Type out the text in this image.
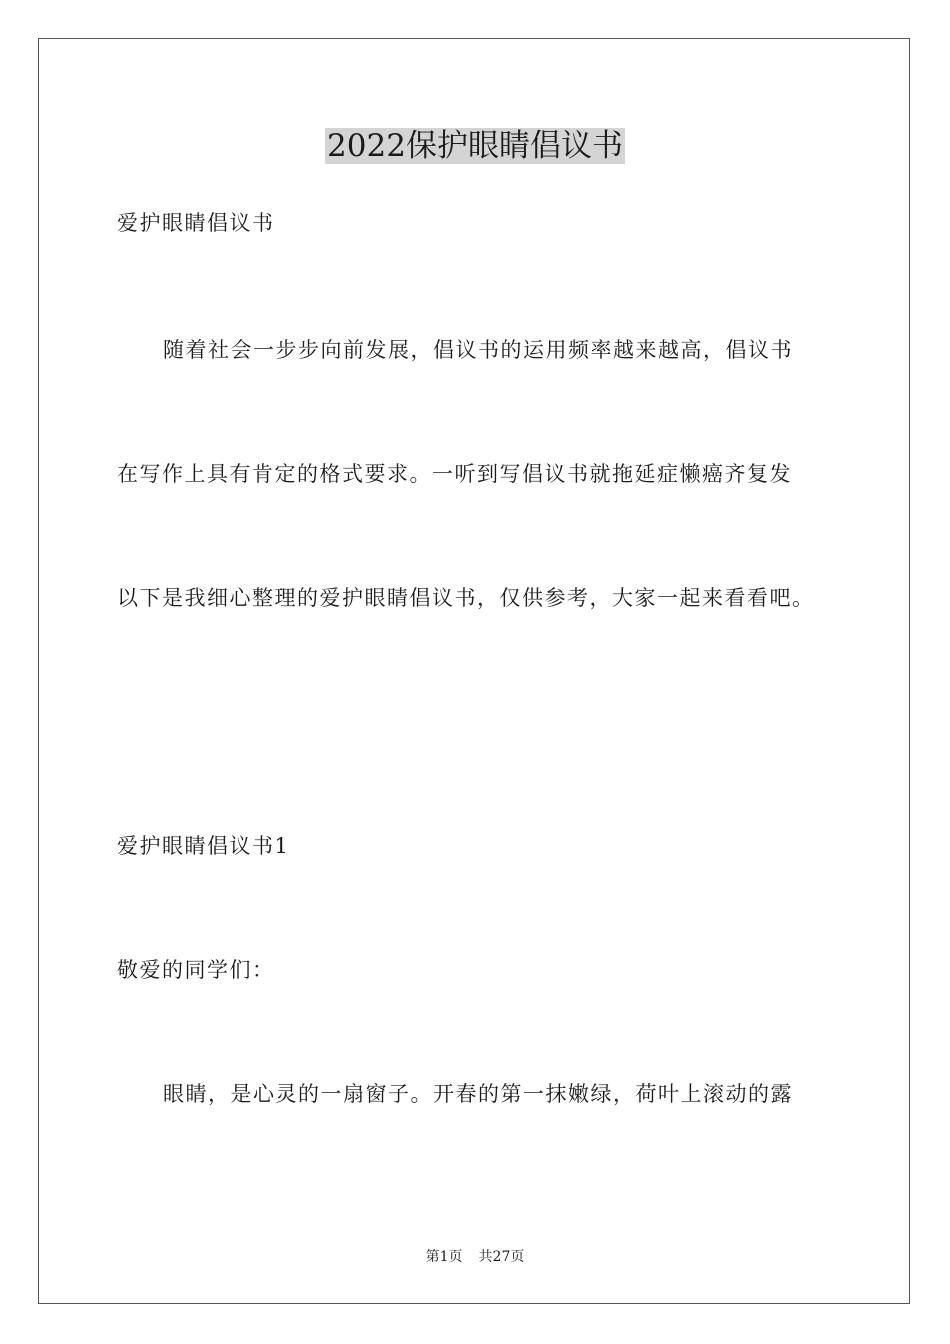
2022保护眼睛倡议书

爱护眼睛倡议书

随着社会一步步向前发展，倡议书的运用频率越来越高，倡议书

在写作上具有肯定的格式要求。一听到写倡议书就拖延症懒癌齐复发

以下是我细心整理的爱护眼睛倡议书，仅供参考，大家一起来看看吧。

爱护眼睛倡议书1

敬爱的同学们：

眼睛，是心灵的一扇窗子。开春的第一抹嫩绿，荷叶上滚动的露

第1页 共27页
